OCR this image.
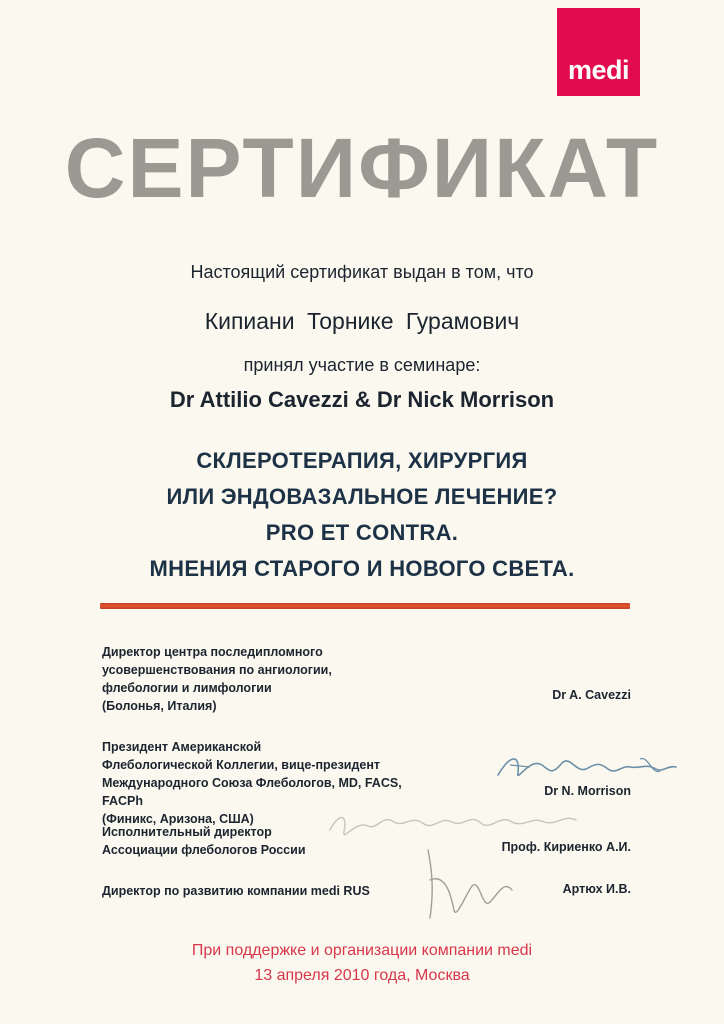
medi
СЕРТИФИКАТ
Настоящий сертификат выдан в том, что
Кипиани Торнике Гурамович
принял участие в семинаре:
Dr Attilio Cavezzi & Dr Nick Morrison
СКЛЕРОТЕРАПИЯ, ХИРУРГИЯ
ИЛИ ЭНДОВАЗАЛЬНОЕ ЛЕЧЕНИЕ?
PRO ET CONTRA.
МНЕНИЯ СТАРОГО И НОВОГО СВЕТА.
Директор центра последипломного
усовершенствования по ангиологии,
флебологии и лимфологии
(Болонья, Италия)
Dr A. Cavezzi
Президент Американской
Флебологической Коллегии, вице-президент
Международного Союза Флебологов, MD, FACS, FACPh
(Финикс, Аризона, США)
Dr N. Morrison
Исполнительный директор
Ассоциации флебологов России	Проф. Кириенко А.И.
Директор по развитию компании medi RUS	Артюх И.В.
При поддержке и организации компании medi
13 апреля 2010 года, Москва
